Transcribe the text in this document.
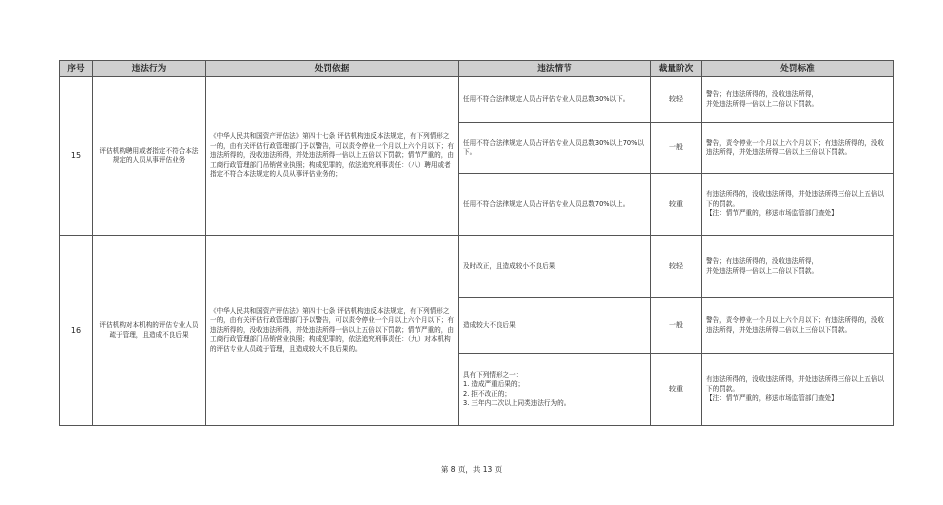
序号	违法行为	处罚依据	违法情节	裁量阶次	处罚标准
15	评估机构聘用或者指定不符合本法规定的人员从事评估业务	《中华人民共和国资产评估法》第四十七条 评估机构违反本法规定，有下列情形之一的，由有关评估行政管理部门予以警告，可以责令停业一个月以上六个月以下；有违法所得的，没收违法所得，并处违法所得一倍以上五倍以下罚款；情节严重的，由工商行政管理部门吊销营业执照；构成犯罪的，依法追究刑事责任：（八）聘用或者指定不符合本法规定的人员从事评估业务的；	任用不符合法律规定人员占评估专业人员总数30%以下。	较轻	警告；有违法所得的，没收违法所得，
并处违法所得一倍以上二倍以下罚款。
			任用不符合法律规定人员占评估专业人员总数30%以上70%以下。	一般	警告，责令停业一个月以上六个月以下；有违法所得的，没收违法所得，并处违法所得二倍以上三倍以下罚款。
			任用不符合法律规定人员占评估专业人员总数70%以上。	较重	有违法所得的，没收违法所得，并处违法所得三倍以上五倍以下的罚款。
【注：情节严重的，移送市场监管部门查处】
16	评估机构对本机构的评估专业人员疏于管理，且造成不良后果	《中华人民共和国资产评估法》第四十七条 评估机构违反本法规定，有下列情形之一的，由有关评估行政管理部门予以警告，可以责令停业一个月以上六个月以下；有违法所得的，没收违法所得，并处违法所得一倍以上五倍以下罚款；情节严重的，由工商行政管理部门吊销营业执照；构成犯罪的，依法追究刑事责任：（九）对本机构的评估专业人员疏于管理，且造成较大不良后果的。	及时改正，且造成较小不良后果	较轻	警告；有违法所得的，没收违法所得，
并处违法所得一倍以上二倍以下罚款。
			造成较大不良后果	一般	警告，责令停业一个月以上六个月以下；有违法所得的，没收违法所得，并处违法所得二倍以上三倍以下罚款。
			具有下列情形之一：
1. 造成严重后果的；
2. 拒不改正的；
3. 三年内二次以上同类违法行为的。	较重	有违法所得的，没收违法所得，并处违法所得三倍以上五倍以下的罚款。
【注：情节严重的，移送市场监管部门查处】
第 8 页，共 13 页
